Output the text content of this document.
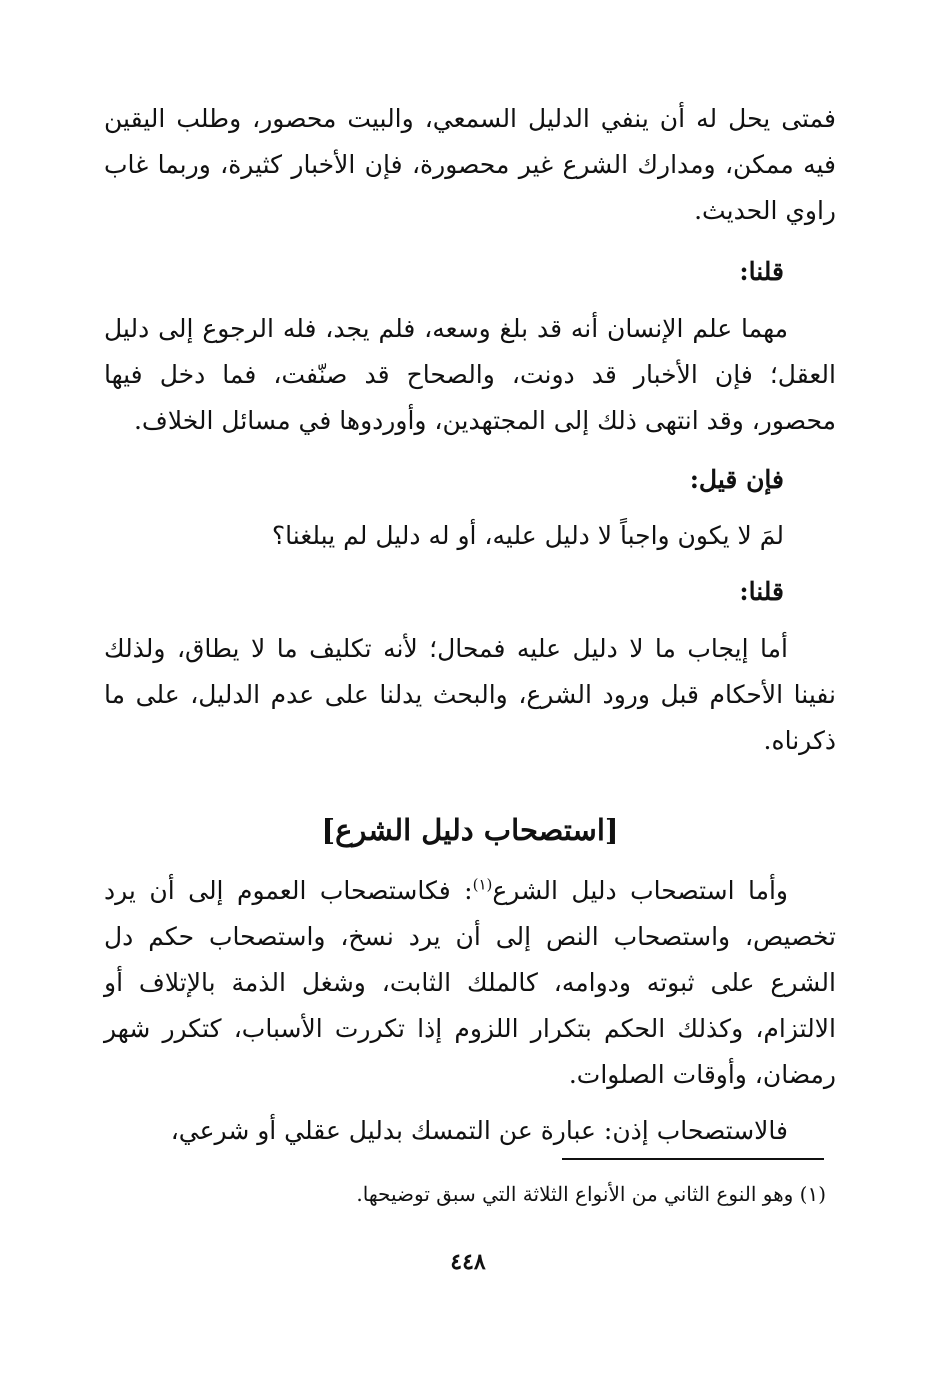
فمتى يحل له أن ينفي الدليل السمعي، والبيت محصور، وطلب اليقين فيه ممكن، ومدارك الشرع غير محصورة، فإن الأخبار كثيرة، وربما غاب راوي الحديث.

قلنا:

مهما علم الإنسان أنه قد بلغ وسعه، فلم يجد، فله الرجوع إلى دليل العقل؛ فإن الأخبار قد دونت، والصحاح قد صنّفت، فما دخل فيها محصور، وقد انتهى ذلك إلى المجتهدين، وأوردوها في مسائل الخلاف.

فإن قيل:

لمَ لا يكون واجباً لا دليل عليه، أو له دليل لم يبلغنا؟

قلنا:

أما إيجاب ما لا دليل عليه فمحال؛ لأنه تكليف ما لا يطاق، ولذلك نفينا الأحكام قبل ورود الشرع، والبحث يدلنا على عدم الدليل، على ما ذكرناه.

[استصحاب دليل الشرع]

وأما استصحاب دليل الشرع$^{(١)}$: فكاستصحاب العموم إلى أن يرد تخصيص، واستصحاب النص إلى أن يرد نسخ، واستصحاب حكم دل الشرع على ثبوته ودوامه، كالملك الثابت، وشغل الذمة بالإتلاف أو الالتزام، وكذلك الحكم بتكرار اللزوم إذا تكررت الأسباب، كتكرر شهر رمضان، وأوقات الصلوات.

فالاستصحاب إذن: عبارة عن التمسك بدليل عقلي أو شرعي،

(١) وهو النوع الثاني من الأنواع الثلاثة التي سبق توضيحها.

٤٤٨
